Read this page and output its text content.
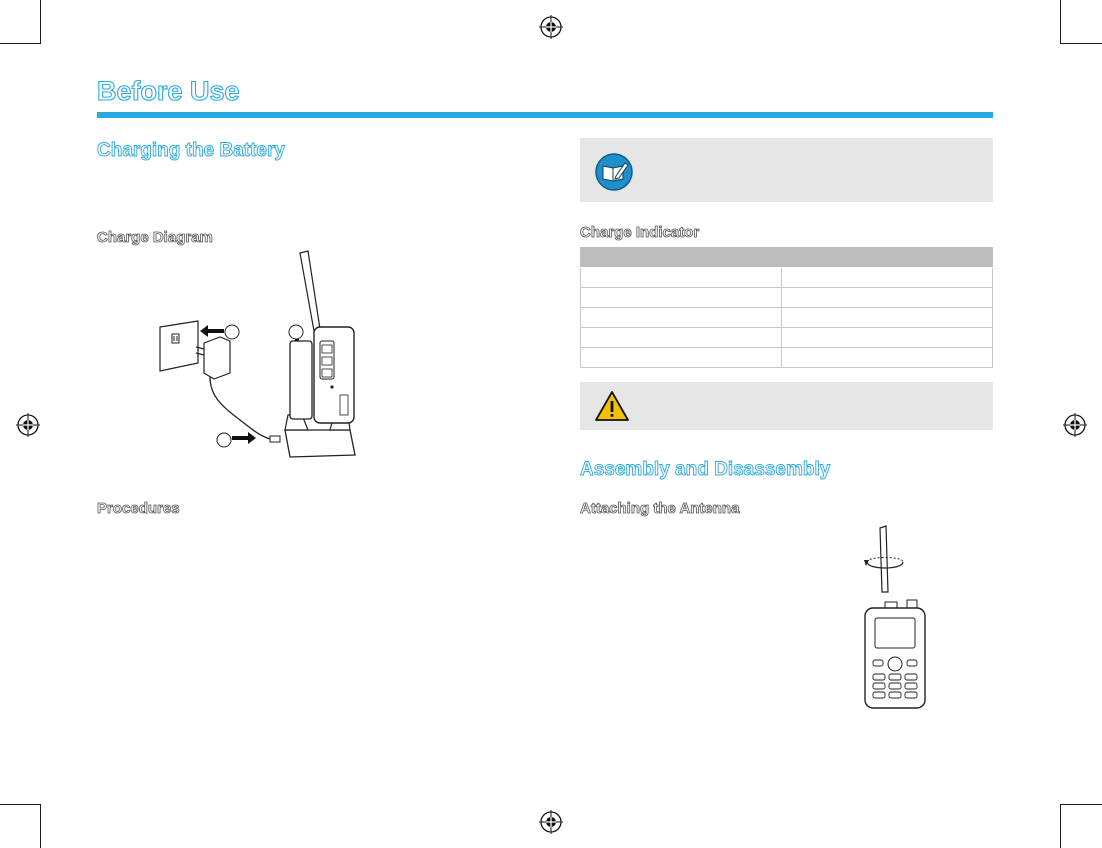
Before Use
Charging the Battery
Charge Diagram
Procedures
Charge Indicator

Assembly and Disassembly
Attaching the Antenna
